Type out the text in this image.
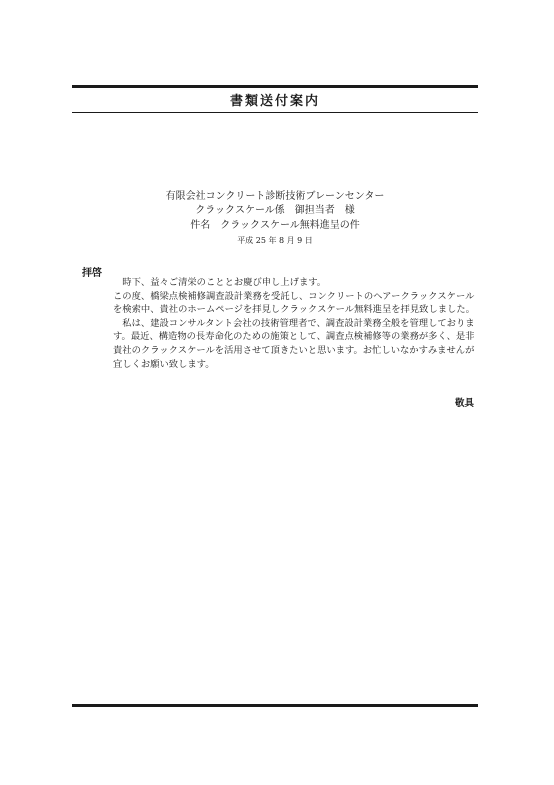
書類送付案内
有限会社コンクリート診断技術ブレーンセンター
クラックスケール係　御担当者　様
件名　クラックスケール無料進呈の件
平成 25 年 8 月 9 日
拝啓

時下、益々ご清栄のこととお慶び申し上げます。

この度、橋梁点検補修調査設計業務を受託し、コンクリートのヘアークラックスケールを検索中、貴社のホームページを拝見しクラックスケール無料進呈を拝見致しました。

私は、建設コンサルタント会社の技術管理者で、調査設計業務全般を管理しております。最近、構造物の長寿命化のための施策として、調査点検補修等の業務が多く、是非貴社のクラックスケールを活用させて頂きたいと思います。お忙しいなかすみませんが宜しくお願い致します。

敬具
